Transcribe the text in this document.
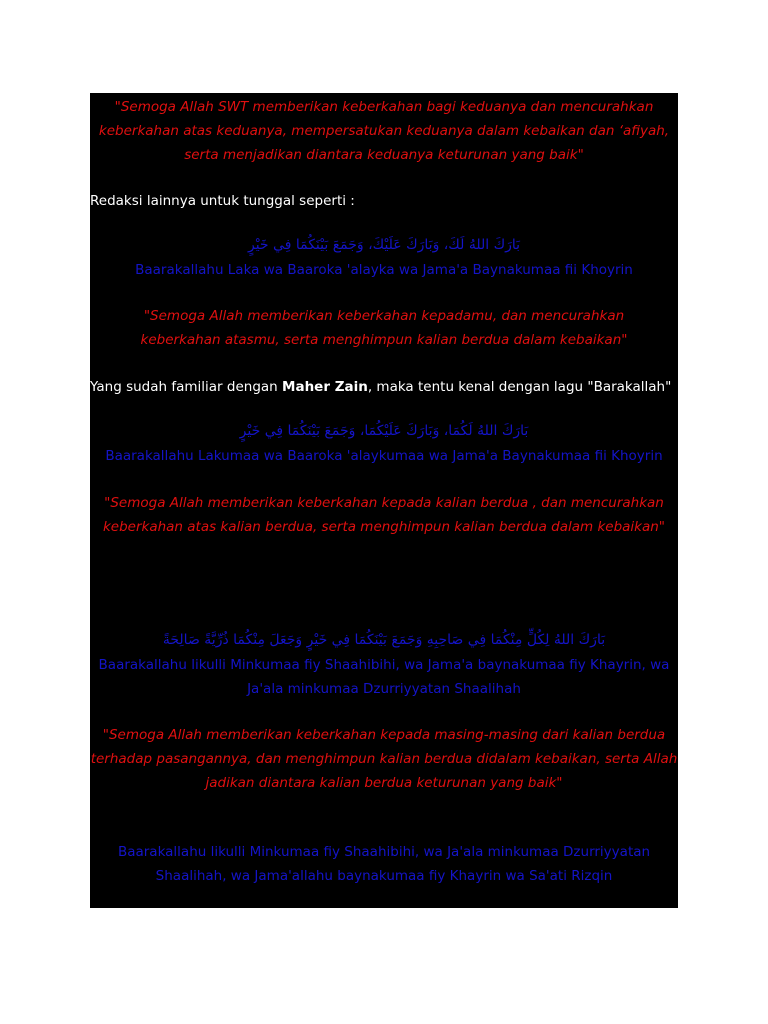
"Semoga Allah SWT memberikan keberkahan bagi keduanya dan mencurahkan keberkahan atas keduanya, mempersatukan keduanya dalam kebaikan dan ‘afiyah, serta menjadikan diantara keduanya keturunan yang baik"
Redaksi lainnya untuk tunggal seperti :
بَارَكَ اللهُ لَكَ، وَبَارَكَ عَلَيْكَ، وَجَمَعَ بَيْنَكُمَا فِي خَيْرٍ
Baarakallahu Laka wa Baaroka 'alayka wa Jama'a Baynakumaa fii Khoyrin
"Semoga Allah memberikan keberkahan kepadamu, dan mencurahkan keberkahan atasmu, serta menghimpun kalian berdua dalam kebaikan"
Yang sudah familiar dengan Maher Zain, maka tentu kenal dengan lagu "Barakallah"
بَارَكَ اللهُ لَكُمَا، وَبَارَكَ عَلَيْكُمَا، وَجَمَعَ بَيْنَكُمَا فِي خَيْرٍ
Baarakallahu Lakumaa wa Baaroka 'alaykumaa wa Jama'a Baynakumaa fii Khoyrin
"Semoga Allah memberikan keberkahan kepada kalian berdua , dan mencurahkan keberkahan atas kalian berdua, serta menghimpun kalian berdua dalam kebaikan"
بَارَكَ اللهُ لِكُلٍّ مِنْكُمَا فِي صَاحِبِهِ وَجَمَعَ بَيْنَكُمَا فِي خَيْرٍ وَجَعَلَ مِنْكُمَا ذُرِّيَّةً صَالِحَةً
Baarakallahu likulli Minkumaa fiy Shaahibihi, wa Jama'a baynakumaa fiy Khayrin, wa Ja'ala minkumaa Dzurriyyatan Shaalihah
"Semoga Allah memberikan keberkahan kepada masing-masing dari kalian berdua terhadap pasangannya, dan menghimpun kalian berdua didalam kebaikan, serta Allah jadikan diantara kalian berdua keturunan yang baik"
Baarakallahu likulli Minkumaa fiy Shaahibihi, wa Ja'ala minkumaa Dzurriyyatan Shaalihah, wa Jama'allahu baynakumaa fiy Khayrin wa Sa'ati Rizqin
